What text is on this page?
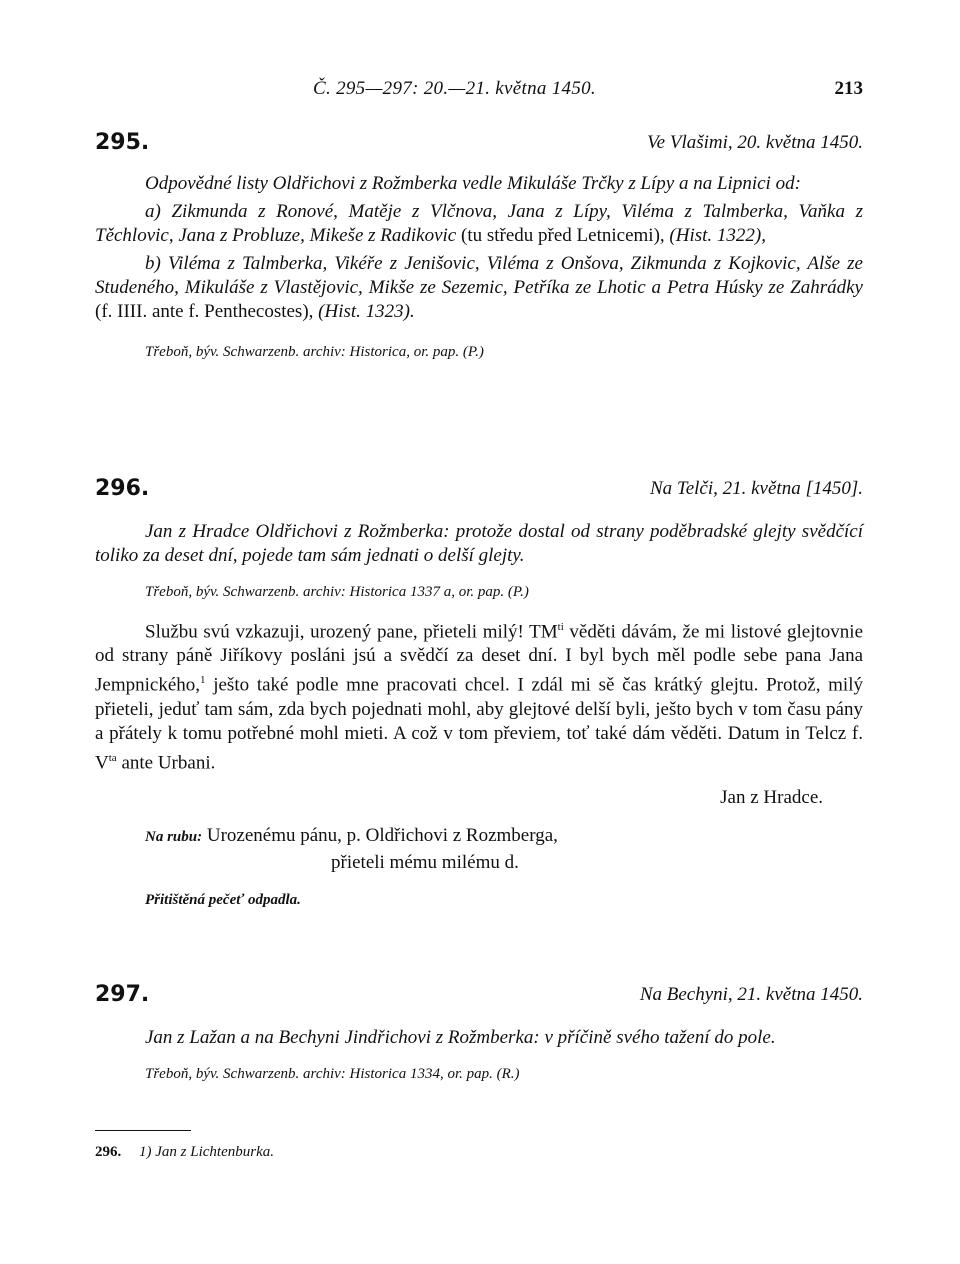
Č. 295—297: 20.—21. května 1450.	213
295.	Ve Vlašimi, 20. května 1450.

Odpovědné listy Oldřichovi z Rožmberka vedle Mikuláše Trčky z Lípy a na Lipnici od:

a) Zikmunda z Ronové, Matěje z Vlčnova, Jana z Lípy, Viléma z Talmberka, Vaňka z Těchlovic, Jana z Probluze, Mikeše z Radikovic (tu středu před Letnicemi), (Hist. 1322),

b) Viléma z Talmberka, Vikéře z Jenišovic, Viléma z Onšova, Zikmunda z Kojkovic, Alše ze Studeného, Mikuláše z Vlastějovic, Mikše ze Sezemic, Petříka ze Lhotic a Petra Húsky ze Zahrádky (f. IIII. ante f. Penthecostes), (Hist. 1323).

Třeboň, býv. Schwarzenb. archiv: Historica, or. pap. (P.)

296.	Na Telči, 21. května [1450].

Jan z Hradce Oldřichovi z Rožmberka: protože dostal od strany poděbradské glejty svědčící toliko za deset dní, pojede tam sám jednati o delší glejty.

Třeboň, býv. Schwarzenb. archiv: Historica 1337 a, or. pap. (P.)

Službu svú vzkazuji, urozený pane, přieteli milý! $TM^{ti}$ věděti dávám, že mi listové glejtovnie od strany páně Jiříkovy posláni jsú a svědčí za deset dní. I byl bych měl podle sebe pana Jana Jempnického,$^1$ ješto také podle mne pracovati chcel. I zdál mi sě čas krátký glejtu. Protož, milý přieteli, jeduť tam sám, zda bych pojednati mohl, aby glejtové delší byli, ješto bych v tom času pány a přátely k tomu potřebné mohl mieti. A což v tom převiem, toť také dám věděti. Datum in Telcz f. $V^{ta}$ ante Urbani.

Jan z Hradce.

Na rubu: Urozenému pánu, p. Oldřichovi z Rozmberga,
přieteli mému milému d.

Přitištěná pečeť odpadla.

297.	Na Bechyni, 21. května 1450.

Jan z Lažan a na Bechyni Jindřichovi z Rožmberka: v příčině svého tažení do pole.

Třeboň, býv. Schwarzenb. archiv: Historica 1334, or. pap. (R.)

296. 1) Jan z Lichtenburka.
